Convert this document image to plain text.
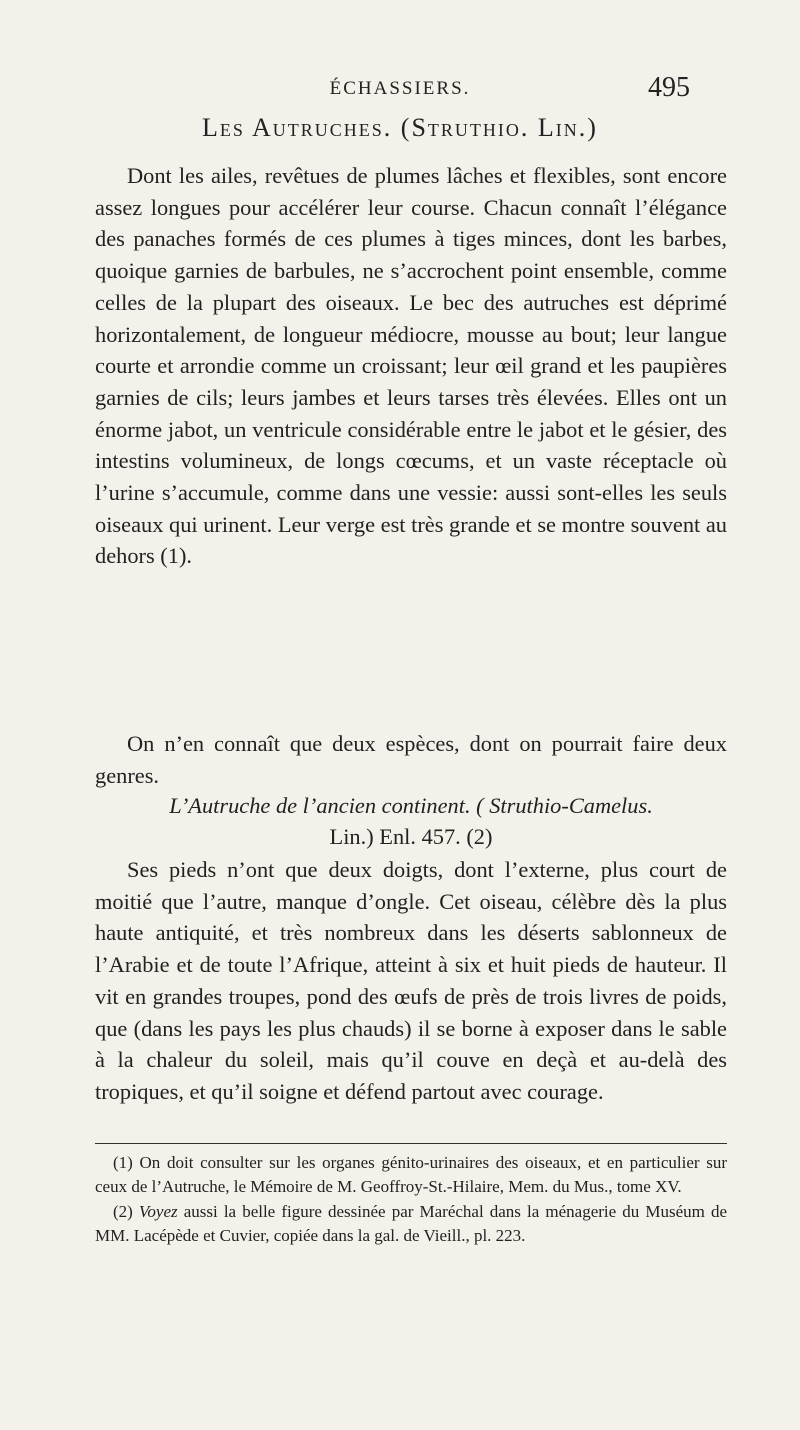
ÉCHASSIERS.	495
Les Autruches. (Struthio. Lin.)
Dont les ailes, revêtues de plumes lâches et flexibles, sont encore assez longues pour accélérer leur course. Chacun connaît l’élégance des panaches formés de ces plumes à tiges minces, dont les barbes, quoique garnies de barbules, ne s’accrochent point ensemble, comme celles de la plupart des oiseaux. Le bec des autruches est déprimé horizontalement, de longueur médiocre, mousse au bout; leur langue courte et arrondie comme un croissant; leur œil grand et les paupières garnies de cils; leurs jambes et leurs tarses très élevées. Elles ont un énorme jabot, un ventricule considérable entre le jabot et le gésier, des intestins volumineux, de longs cœcums, et un vaste réceptacle où l’urine s’accumule, comme dans une vessie: aussi sont-elles les seuls oiseaux qui urinent. Leur verge est très grande et se montre souvent au dehors (1).
On n’en connaît que deux espèces, dont on pourrait faire deux genres.
L’Autruche de l’ancien continent. ( Struthio-Camelus.
Lin.) Enl. 457. (2)
Ses pieds n’ont que deux doigts, dont l’externe, plus court de moitié que l’autre, manque d’ongle. Cet oiseau, célèbre dès la plus haute antiquité, et très nombreux dans les déserts sablonneux de l’Arabie et de toute l’Afrique, atteint à six et huit pieds de hauteur. Il vit en grandes troupes, pond des œufs de près de trois livres de poids, que (dans les pays les plus chauds) il se borne à exposer dans le sable à la chaleur du soleil, mais qu’il couve en deçà et au-delà des tropiques, et qu’il soigne et défend partout avec courage.
(1) On doit consulter sur les organes génito-urinaires des oiseaux, et en particulier sur ceux de l’Autruche, le Mémoire de M. Geoffroy-St.-Hilaire, Mem. du Mus., tome XV.
(2) Voyez aussi la belle figure dessinée par Maréchal dans la ménagerie du Muséum de MM. Lacépède et Cuvier, copiée dans la gal. de Vieill., pl. 223.
